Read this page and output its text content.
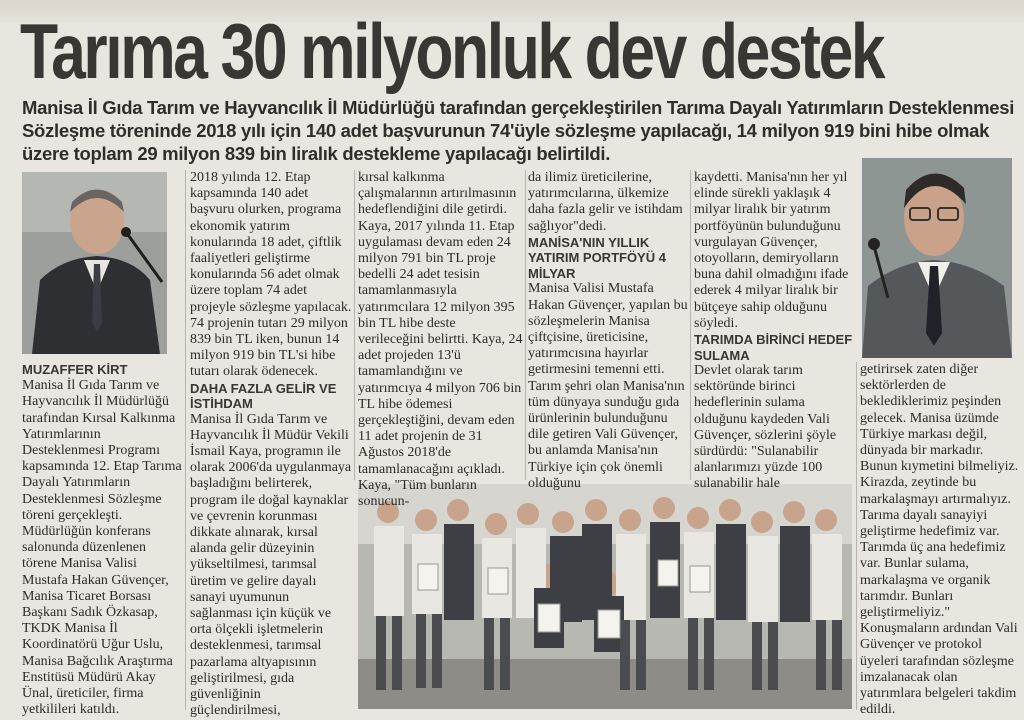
Tarıma 30 milyonluk dev destek
Manisa İl Gıda Tarım ve Hayvancılık İl Müdürlüğü tarafından gerçekleştirilen Tarıma Dayalı Yatırımların Desteklenmesi Sözleşme töreninde 2018 yılı için 140 adet başvurunun 74'üyle sözleşme yapılacağı, 14 milyon 919 bini hibe olmak üzere toplam 29 milyon 839 bin liralık destekleme yapılacağı belirtildi.

MUZAFFER KİRT

Manisa İl Gıda Tarım ve Hayvancılık İl Müdürlüğü tarafından Kırsal Kalkınma Yatırımlarının Desteklenmesi Programı kapsamında 12. Etap Tarıma Dayalı Yatırımların Desteklenmesi Sözleşme töreni gerçekleşti. Müdürlüğün konferans salonunda düzenlenen törene Manisa Valisi Mustafa Hakan Güvençer, Manisa Ticaret Borsası Başkanı Sadık Özkasap, TKDK Manisa İl Koordinatörü Uğur Uslu, Manisa Bağcılık Araştırma Enstitüsü Müdürü Akay Ünal, üreticiler, firma yetkilileri katıldı.

2018 yılında 12. Etap kapsamında 140 adet başvuru olurken, programa ekonomik yatırım konularında 18 adet, çiftlik faaliyetleri geliştirme konularında 56 adet olmak üzere toplam 74 adet projeyle sözleşme yapılacak. 74 projenin tutarı 29 milyon 839 bin TL iken, bunun 14 milyon 919 bin TL'si hibe tutarı olarak ödenecek.

DAHA FAZLA GELİR VE İSTİHDAM

Manisa İl Gıda Tarım ve Hayvancılık İl Müdür Vekili İsmail Kaya, programın ile olarak 2006'da uygulanmaya başladığını belirterek, program ile doğal kaynaklar ve çevrenin korunması dikkate alınarak, kırsal alanda gelir düzeyinin yükseltilmesi, tarımsal üretim ve gelire dayalı sanayi uyumunun sağlanması için küçük ve orta ölçekli işletmelerin desteklenmesi, tarımsal pazarlama altyapısının geliştirilmesi, gıda güvenliğinin güçlendirilmesi,

kırsal kalkınma çalışmalarının artırılmasının hedeflendiğini dile getirdi. Kaya, 2017 yılında 11. Etap uygulaması devam eden 24 milyon 791 bin TL proje bedelli 24 adet tesisin tamamlanmasıyla yatırımcılara 12 milyon 395 bin TL hibe deste verileceğini belirtti. Kaya, 24 adet projeden 13'ü tamamlandığını ve yatırımcıya 4 milyon 706 bin TL hibe ödemesi gerçekleştiğini, devam eden 11 adet projenin de 31 Ağustos 2018'de tamamlanacağını açıkladı. Kaya, "Tüm bunların sonucun-

da ilimiz üreticilerine, yatırımcılarına, ülkemize daha fazla gelir ve istihdam sağlıyor"dedi.

MANİSA'NIN YILLIK YATIRIM PORTFÖYÜ 4 MİLYAR

Manisa Valisi Mustafa Hakan Güvençer, yapılan bu sözleşmelerin Manisa çiftçisine, üreticisine, yatırımcısına hayırlar getirmesini temenni etti. Tarım şehri olan Manisa'nın tüm dünyaya sunduğu gıda ürünlerinin bulunduğunu dile getiren Vali Güvençer, bu anlamda Manisa'nın Türkiye için çok önemli olduğunu

kaydetti. Manisa'nın her yıl elinde sürekli yaklaşık 4 milyar liralık bir yatırım portföyünün bulunduğunu vurgulayan Güvençer, otoyolların, demiryolların buna dahil olmadığını ifade ederek 4 milyar liralık bir bütçeye sahip olduğunu söyledi.

TARIMDA BİRİNCİ HEDEF SULAMA

Devlet olarak tarım sektöründe birinci hedeflerinin sulama olduğunu kaydeden Vali Güvençer, sözlerini şöyle sürdürdü: "Sulanabilir alanlarımızı yüzde 100 sulanabilir hale

getirirsek zaten diğer sektörlerden de beklediklerimiz peşinden gelecek. Manisa üzümde Türkiye markası değil, dünyada bir markadır. Bunun kıymetini bilmeliyiz. Kirazda, zeytinde bu markalaşmayı artırmalıyız. Tarıma dayalı sanayiyi geliştirme hedefimiz var. Tarımda üç ana hedefimiz var. Bunlar sulama, markalaşma ve organik tarımdır. Bunları geliştirmeliyiz." Konuşmaların ardından Vali Güvençer ve protokol üyeleri tarafından sözleşme imzalanacak olan yatırımlara belgeleri takdim edildi.
